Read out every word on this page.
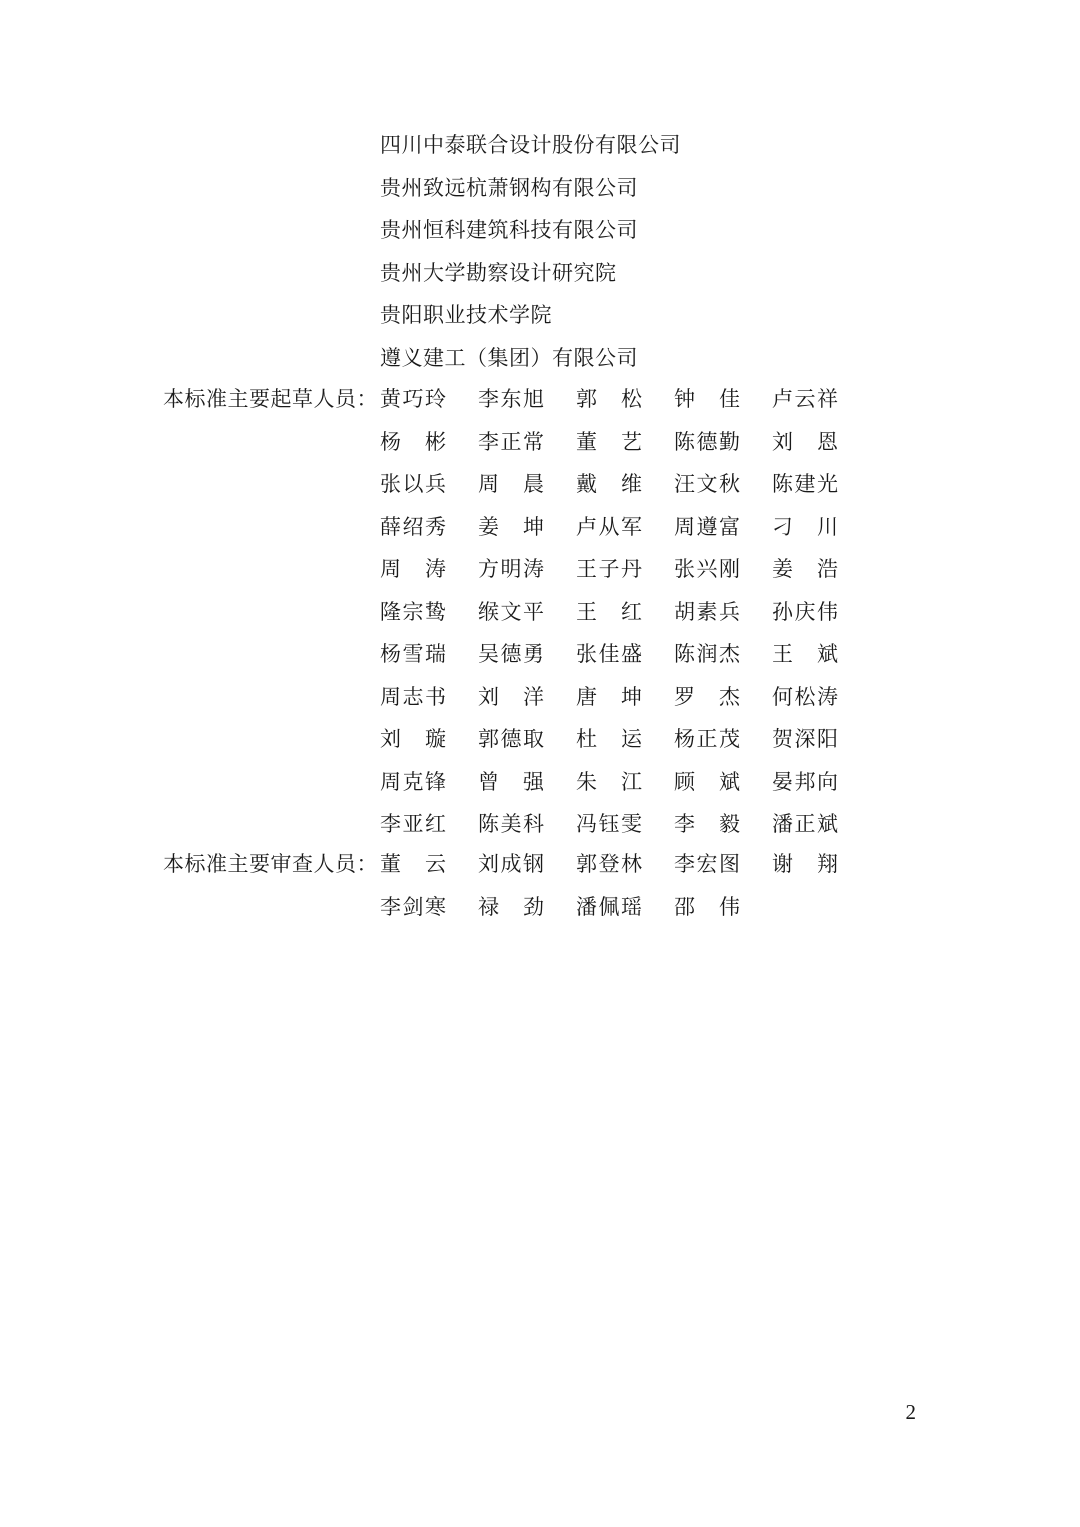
四川中泰联合设计股份有限公司
贵州致远杭萧钢构有限公司
贵州恒科建筑科技有限公司
贵州大学勘察设计研究院
贵阳职业技术学院
遵义建工（集团）有限公司
本标准主要起草人员： 黄巧玲 李东旭 郭松 钟佳 卢云祥
杨彬 李正常 董艺 陈德勤 刘恩
张以兵 周晨 戴维 汪文秋 陈建光
薛绍秀 姜坤 卢从军 周遵富 刁川
周涛 方明涛 王子丹 张兴刚 姜浩
隆宗鸷 缑文平 王红 胡素兵 孙庆伟
杨雪瑞 吴德勇 张佳盛 陈润杰 王斌
周志书 刘洋 唐坤 罗杰 何松涛
刘璇 郭德取 杜运 杨正茂 贺深阳
周克锋 曾强 朱江 顾斌 晏邦向
李亚红 陈美科 冯钰雯 李毅 潘正斌
本标准主要审查人员： 董云 刘成钢 郭登林 李宏图 谢翔
李剑寒 禄劲 潘佩瑶 邵伟
2
